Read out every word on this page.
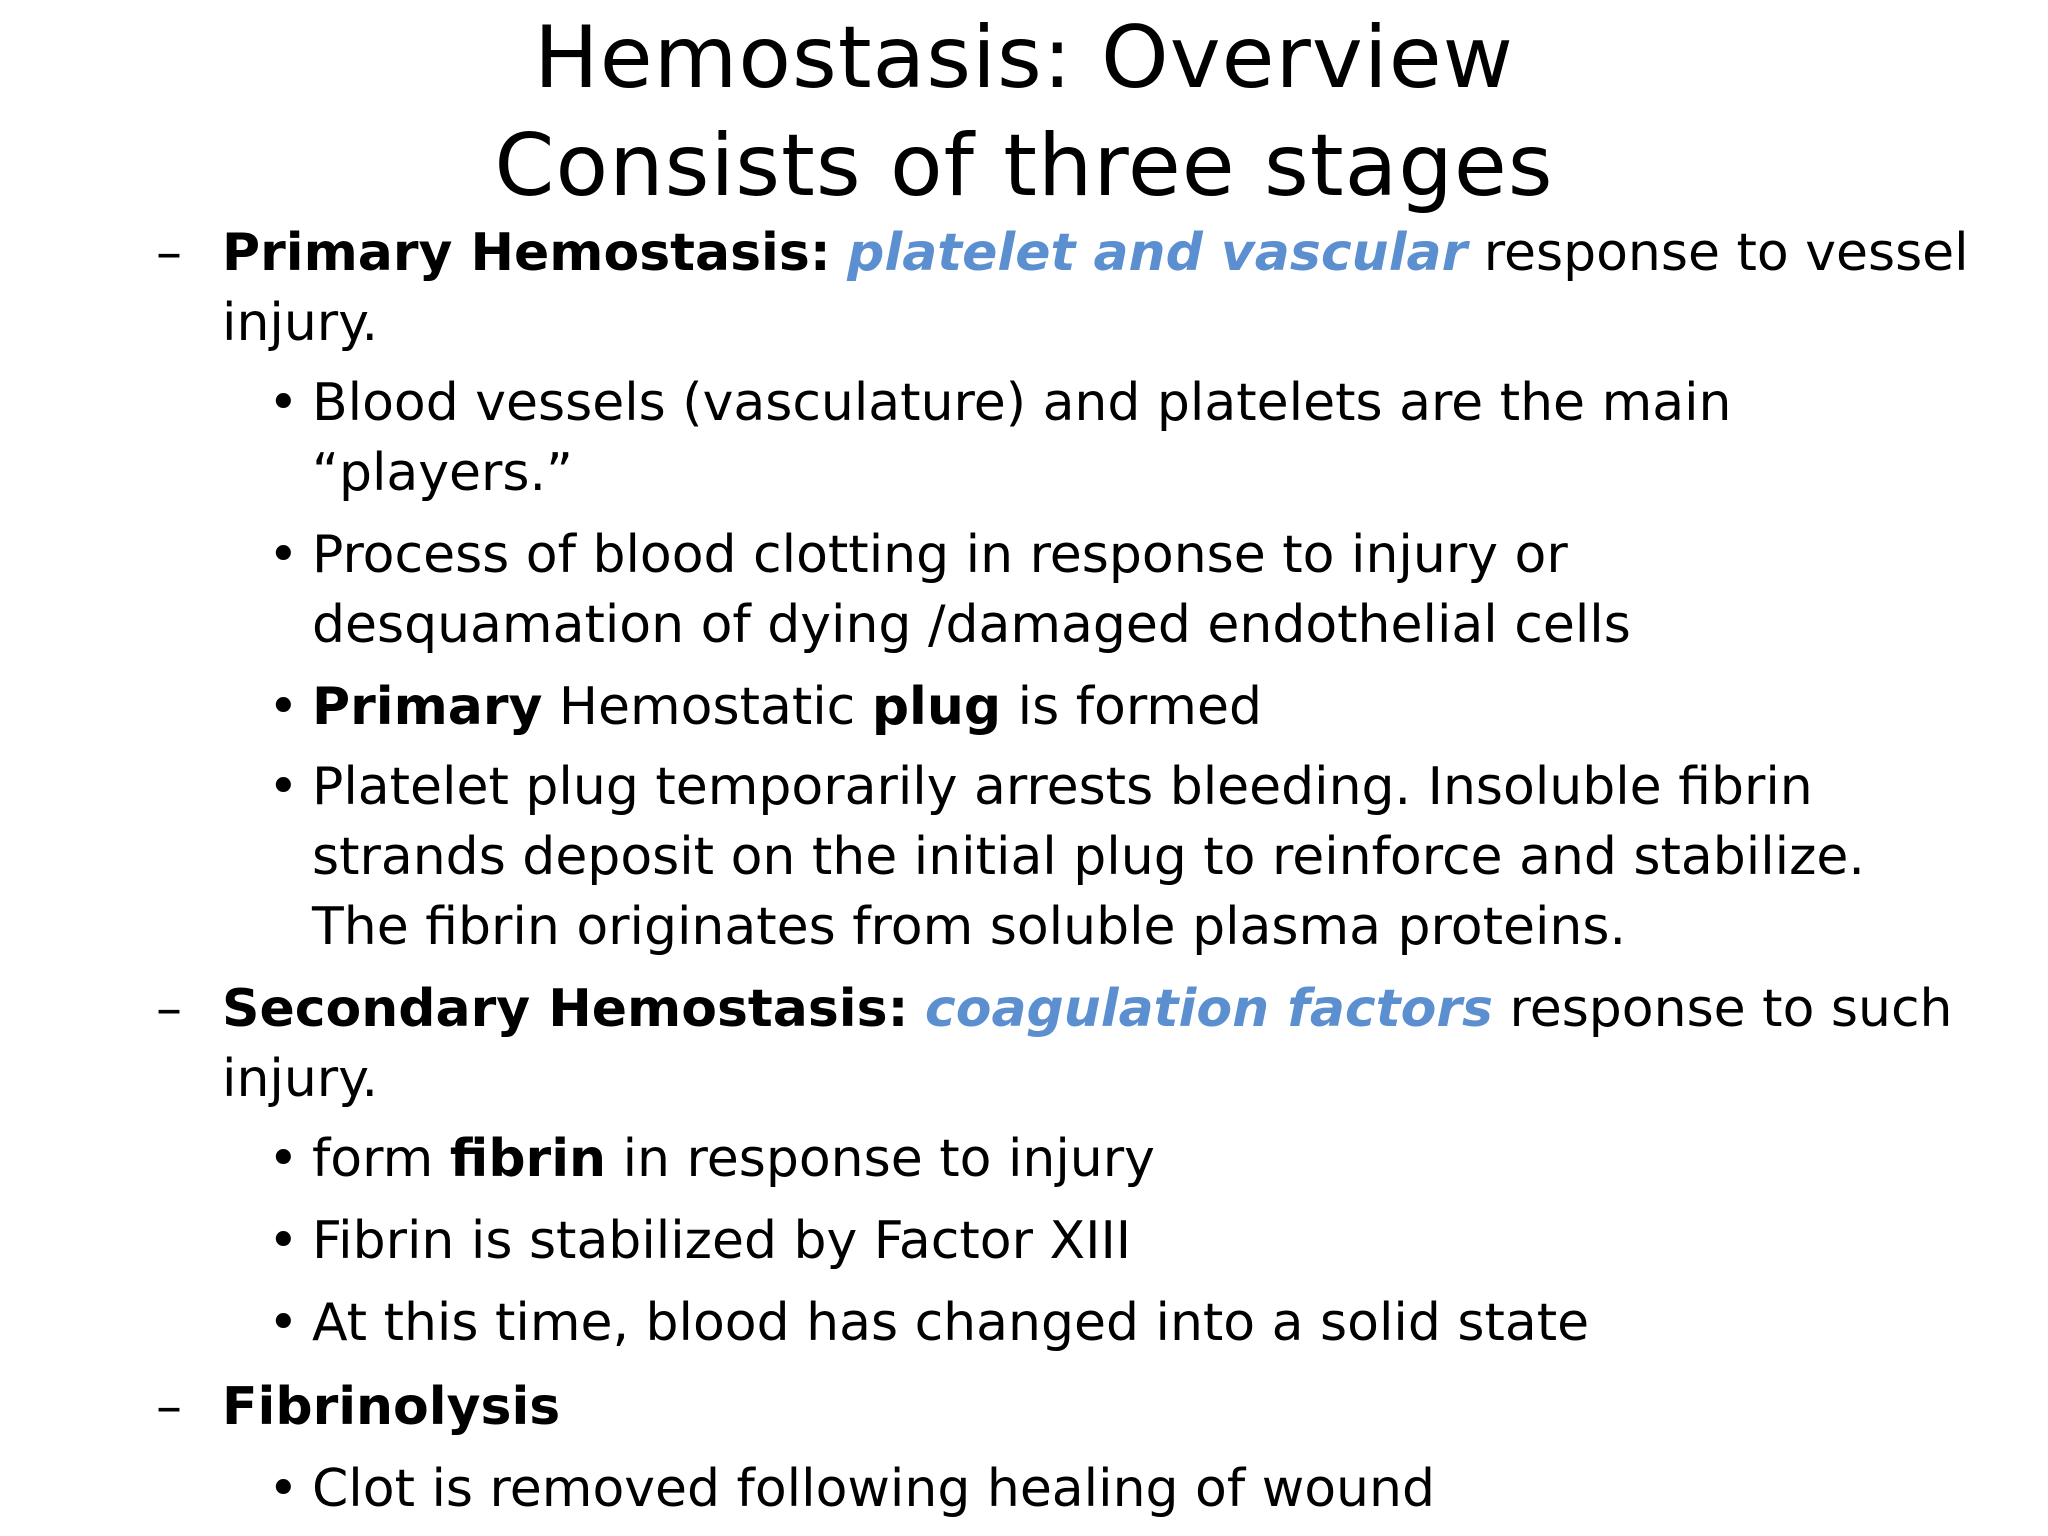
Hemostasis: Overview
Consists of three stages
– Primary Hemostasis: platelet and vascular response to vessel
injury.
• Blood vessels (vasculature) and platelets are the main
“players.”
• Process of blood clotting in response to injury or
desquamation of dying /damaged endothelial cells
• Primary Hemostatic plug is formed
• Platelet plug temporarily arrests bleeding. Insoluble fibrin
strands deposit on the initial plug to reinforce and stabilize.
The fibrin originates from soluble plasma proteins.
– Secondary Hemostasis: coagulation factors response to such
injury.
• form fibrin in response to injury
• Fibrin is stabilized by Factor XIII
• At this time, blood has changed into a solid state
– Fibrinolysis
• Clot is removed following healing of wound
